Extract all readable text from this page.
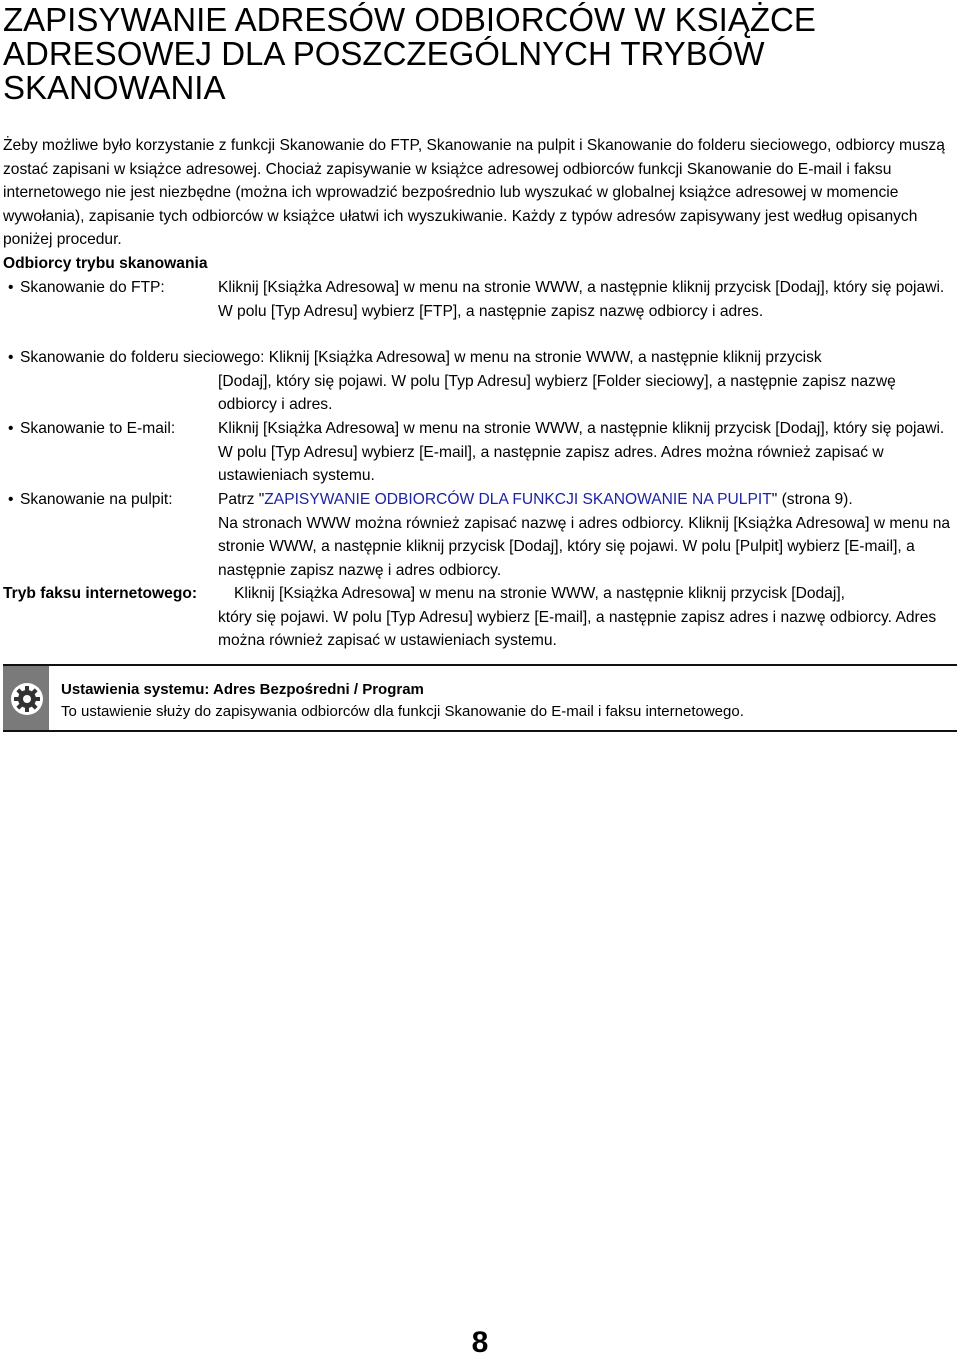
ZAPISYWANIE ADRESÓW ODBIORCÓW W KSIĄŻCE ADRESOWEJ DLA POSZCZEGÓLNYCH TRYBÓW SKANOWANIA

Żeby możliwe było korzystanie z funkcji Skanowanie do FTP, Skanowanie na pulpit i Skanowanie do folderu sieciowego, odbiorcy muszą zostać zapisani w książce adresowej. Chociaż zapisywanie w książce adresowej odbiorców funkcji Skanowanie do E-mail i faksu internetowego nie jest niezbędne (można ich wprowadzić bezpośrednio lub wyszukać w globalnej książce adresowej w momencie wywołania), zapisanie tych odbiorców w książce ułatwi ich wyszukiwanie. Każdy z typów adresów zapisywany jest według opisanych poniżej procedur.

Odbiorcy trybu skanowania
• Skanowanie do FTP:	Kliknij [Książka Adresowa] w menu na stronie WWW, a następnie kliknij przycisk [Dodaj], który się pojawi. W polu [Typ Adresu] wybierz [FTP], a następnie zapisz nazwę odbiorcy i adres.
• Skanowanie do folderu sieciowego: Kliknij [Książka Adresowa] w menu na stronie WWW, a następnie kliknij przycisk
[Dodaj], który się pojawi. W polu [Typ Adresu] wybierz [Folder sieciowy], a następnie zapisz nazwę odbiorcy i adres.
• Skanowanie to E-mail:	Kliknij [Książka Adresowa] w menu na stronie WWW, a następnie kliknij przycisk [Dodaj], który się pojawi. W polu [Typ Adresu] wybierz [E-mail], a następnie zapisz adres. Adres można również zapisać w ustawieniach systemu.
• Skanowanie na pulpit:	Patrz "ZAPISYWANIE ODBIORCÓW DLA FUNKCJI SKANOWANIE NA PULPIT" (strona 9).
Na stronach WWW można również zapisać nazwę i adres odbiorcy. Kliknij [Książka Adresowa] w menu na stronie WWW, a następnie kliknij przycisk [Dodaj], który się pojawi. W polu [Pulpit] wybierz [E-mail], a następnie zapisz nazwę i adres odbiorcy.
Tryb faksu internetowego: Kliknij [Książka Adresowa] w menu na stronie WWW, a następnie kliknij przycisk [Dodaj],
który się pojawi. W polu [Typ Adresu] wybierz [E-mail], a następnie zapisz adres i nazwę odbiorcy. Adres można również zapisać w ustawieniach systemu.
Ustawienia systemu: Adres Bezpośredni / Program
To ustawienie służy do zapisywania odbiorców dla funkcji Skanowanie do E-mail i faksu internetowego.
8
